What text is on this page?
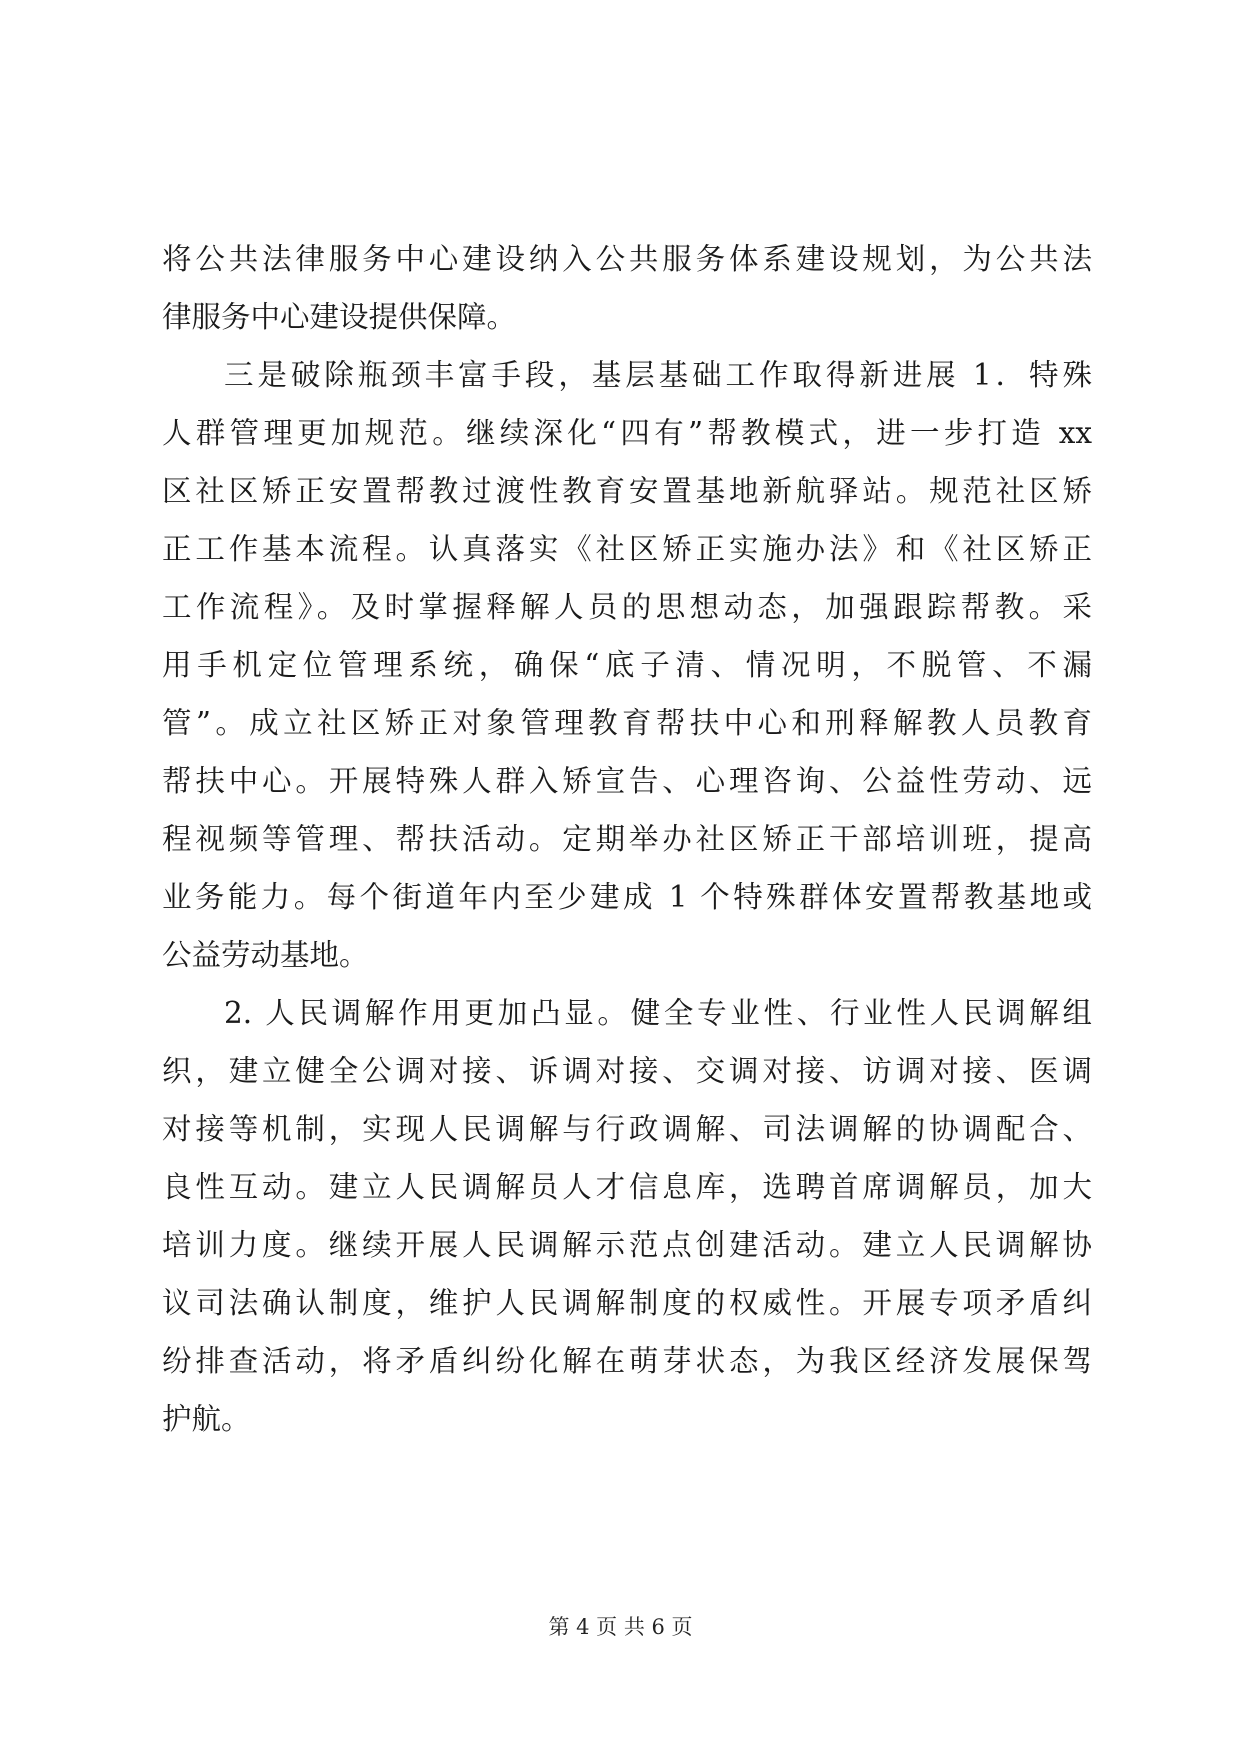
将公共法律服务中心建设纳入公共服务体系建设规划，为公共法
律服务中心建设提供保障。
三是破除瓶颈丰富手段，基层基础工作取得新进展 1．特殊
人群管理更加规范。继续深化“四有”帮教模式，进一步打造 xx
区社区矫正安置帮教过渡性教育安置基地新航驿站。规范社区矫
正工作基本流程。认真落实《社区矫正实施办法》和《社区矫正
工作流程》。及时掌握释解人员的思想动态，加强跟踪帮教。采
用手机定位管理系统，确保“底子清、情况明，不脱管、不漏
管”。成立社区矫正对象管理教育帮扶中心和刑释解教人员教育
帮扶中心。开展特殊人群入矫宣告、心理咨询、公益性劳动、远
程视频等管理、帮扶活动。定期举办社区矫正干部培训班，提高
业务能力。每个街道年内至少建成 1 个特殊群体安置帮教基地或
公益劳动基地。
2. 人民调解作用更加凸显。健全专业性、行业性人民调解组
织，建立健全公调对接、诉调对接、交调对接、访调对接、医调
对接等机制，实现人民调解与行政调解、司法调解的协调配合、
良性互动。建立人民调解员人才信息库，选聘首席调解员，加大
培训力度。继续开展人民调解示范点创建活动。建立人民调解协
议司法确认制度，维护人民调解制度的权威性。开展专项矛盾纠
纷排查活动，将矛盾纠纷化解在萌芽状态，为我区经济发展保驾
护航。
第 4 页 共 6 页
